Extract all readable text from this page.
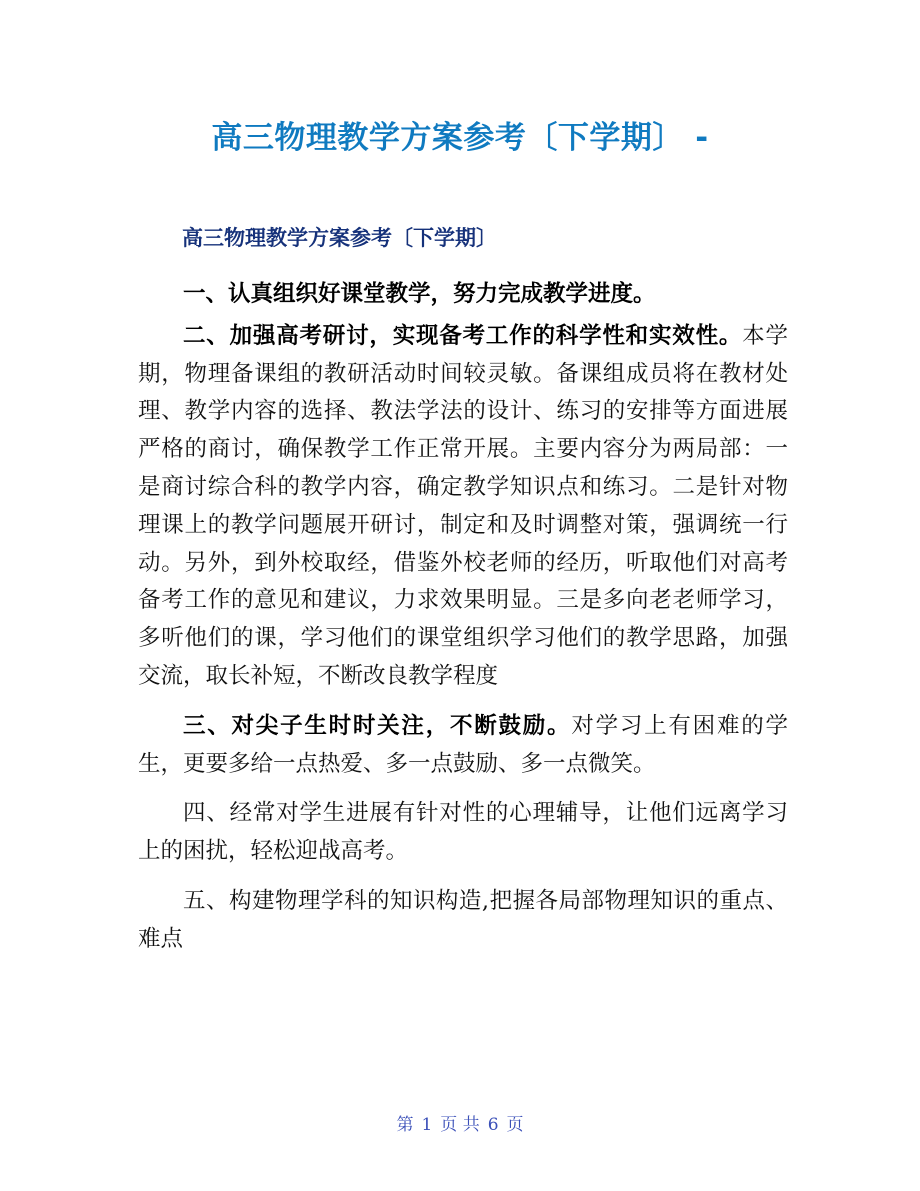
高三物理教学方案参考〔下学期〕 -
高三物理教学方案参考〔下学期〕

一、认真组织好课堂教学，努力完成教学进度。

二、加强高考研讨，实现备考工作的科学性和实效性。本学期，物理备课组的教研活动时间较灵敏。备课组成员将在教材处理、教学内容的选择、教法学法的设计、练习的安排等方面进展严格的商讨，确保教学工作正常开展。主要内容分为两局部：一是商讨综合科的教学内容，确定教学知识点和练习。二是针对物理课上的教学问题展开研讨，制定和及时调整对策，强调统一行动。另外，到外校取经，借鉴外校老师的经历，听取他们对高考备考工作的意见和建议，力求效果明显。三是多向老老师学习，多听他们的课，学习他们的课堂组织学习他们的教学思路，加强交流，取长补短，不断改良教学程度

三、对尖子生时时关注，不断鼓励。对学习上有困难的学生，更要多给一点热爱、多一点鼓励、多一点微笑。

四、经常对学生进展有针对性的心理辅导，让他们远离学习上的困扰，轻松迎战高考。

五、构建物理学科的知识构造,把握各局部物理知识的重点、难点

第 1 页 共 6 页
